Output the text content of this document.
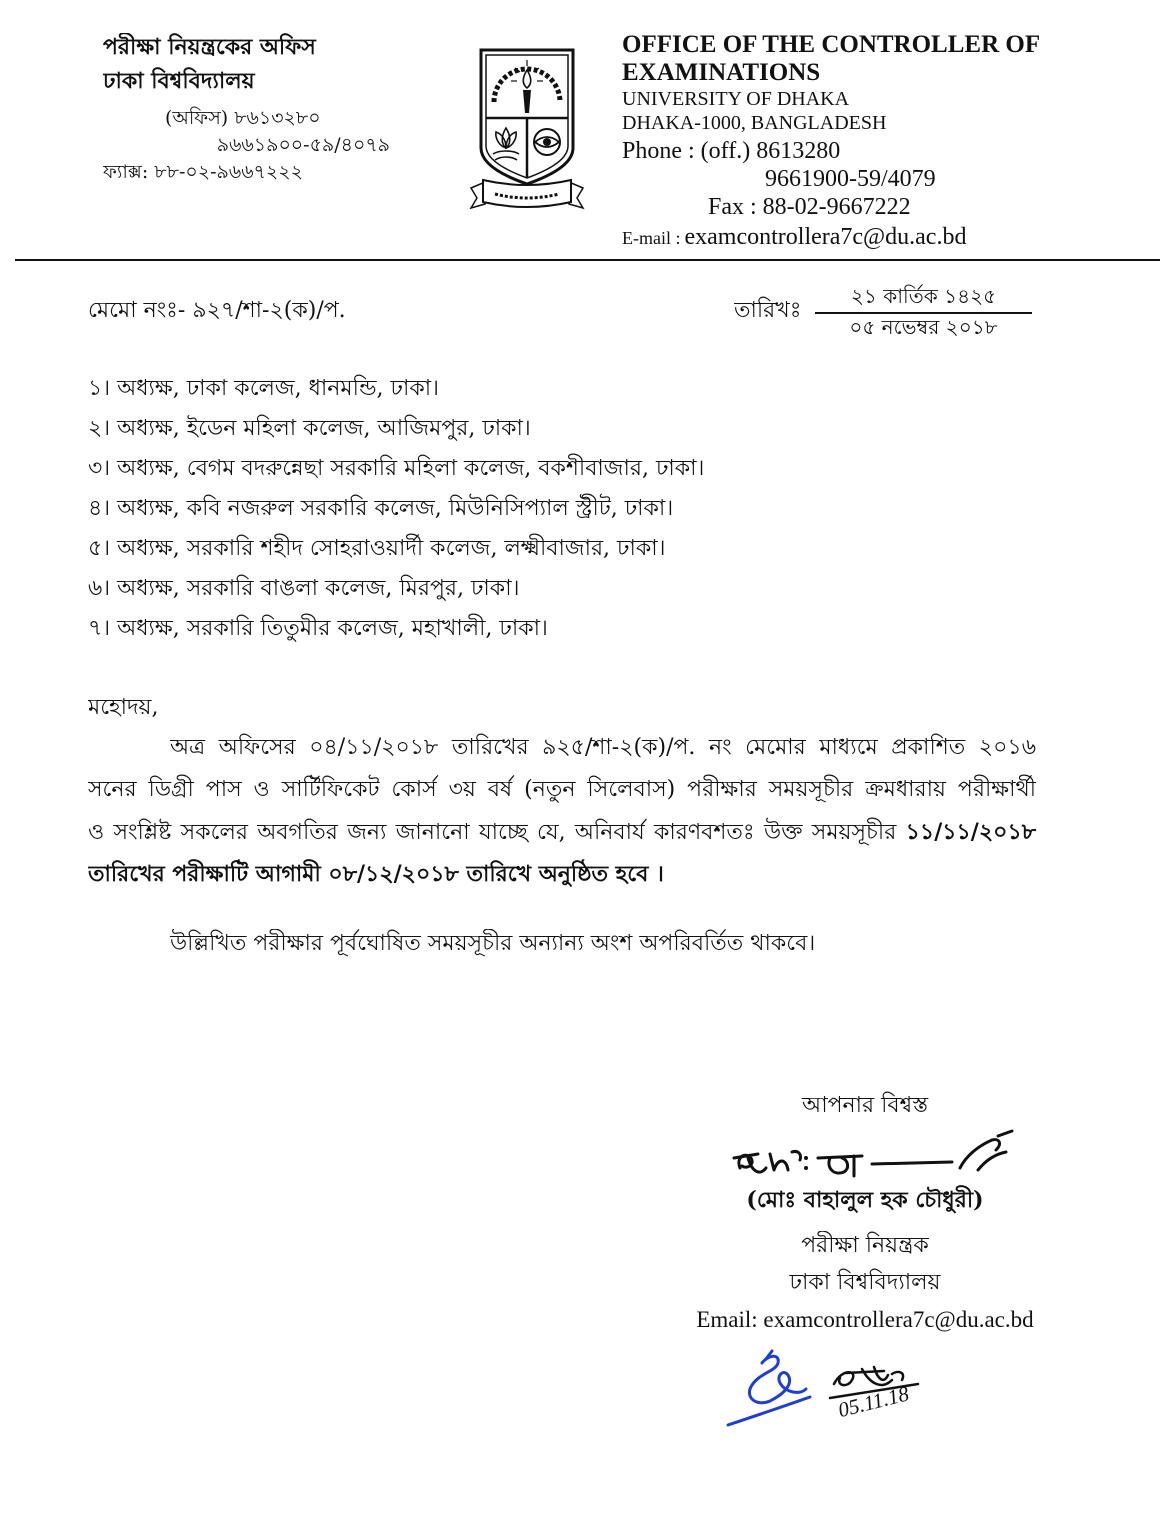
পরীক্ষা নিয়ন্ত্রকের অফিস
ঢাকা বিশ্ববিদ্যালয়
(অফিস) ৮৬১৩২৮০
৯৬৬১৯০০-৫৯/৪০৭৯
ফ্যাক্স: ৮৮-০২-৯৬৬৭২২২
OFFICE OF THE CONTROLLER OF
EXAMINATIONS
UNIVERSITY OF DHAKA
DHAKA-1000, BANGLADESH
Phone : (off.) 8613280
9661900-59/4079
Fax : 88-02-9667222
E-mail : examcontrollera7c@du.ac.bd
মেমো নংঃ- ৯২৭/শা-২(ক)/প.	তারিখঃ
২১ কার্তিক ১৪২৫
০৫ নভেম্বর ২০১৮
১। অধ্যক্ষ, ঢাকা কলেজ, ধানমন্ডি, ঢাকা।
২। অধ্যক্ষ, ইডেন মহিলা কলেজ, আজিমপুর, ঢাকা।
৩। অধ্যক্ষ, বেগম বদরুন্নেছা সরকারি মহিলা কলেজ, বকশীবাজার, ঢাকা।
৪। অধ্যক্ষ, কবি নজরুল সরকারি কলেজ, মিউনিসিপ্যাল স্ট্রীট, ঢাকা।
৫। অধ্যক্ষ, সরকারি শহীদ সোহরাওয়ার্দী কলেজ, লক্ষ্মীবাজার, ঢাকা।
৬। অধ্যক্ষ, সরকারি বাঙলা কলেজ, মিরপুর, ঢাকা।
৭। অধ্যক্ষ, সরকারি তিতুমীর কলেজ, মহাখালী, ঢাকা।
মহোদয়,
অত্র অফিসের ০৪/১১/২০১৮ তারিখের ৯২৫/শা-২(ক)/প. নং মেমোর মাধ্যমে প্রকাশিত ২০১৬
সনের ডিগ্রী পাস ও সার্টিফিকেট কোর্স ৩য় বর্ষ (নতুন সিলেবাস) পরীক্ষার সময়সূচীর ক্রমধারায় পরীক্ষার্থী
ও সংশ্লিষ্ট সকলের অবগতির জন্য জানানো যাচ্ছে যে, অনিবার্য কারণবশতঃ উক্ত সময়সূচীর ১১/১১/২০১৮
তারিখের পরীক্ষাটি আগামী ০৮/১২/২০১৮ তারিখে অনুষ্ঠিত হবে ।
উল্লিখিত পরীক্ষার পূর্বঘোষিত সময়সূচীর অন্যান্য অংশ অপরিবর্তিত থাকবে।
আপনার বিশ্বস্ত
(মোঃ বাহালুল হক চৌধুরী)
পরীক্ষা নিয়ন্ত্রক
ঢাকা বিশ্ববিদ্যালয়
Email: examcontrollera7c@du.ac.bd
05.11.18
